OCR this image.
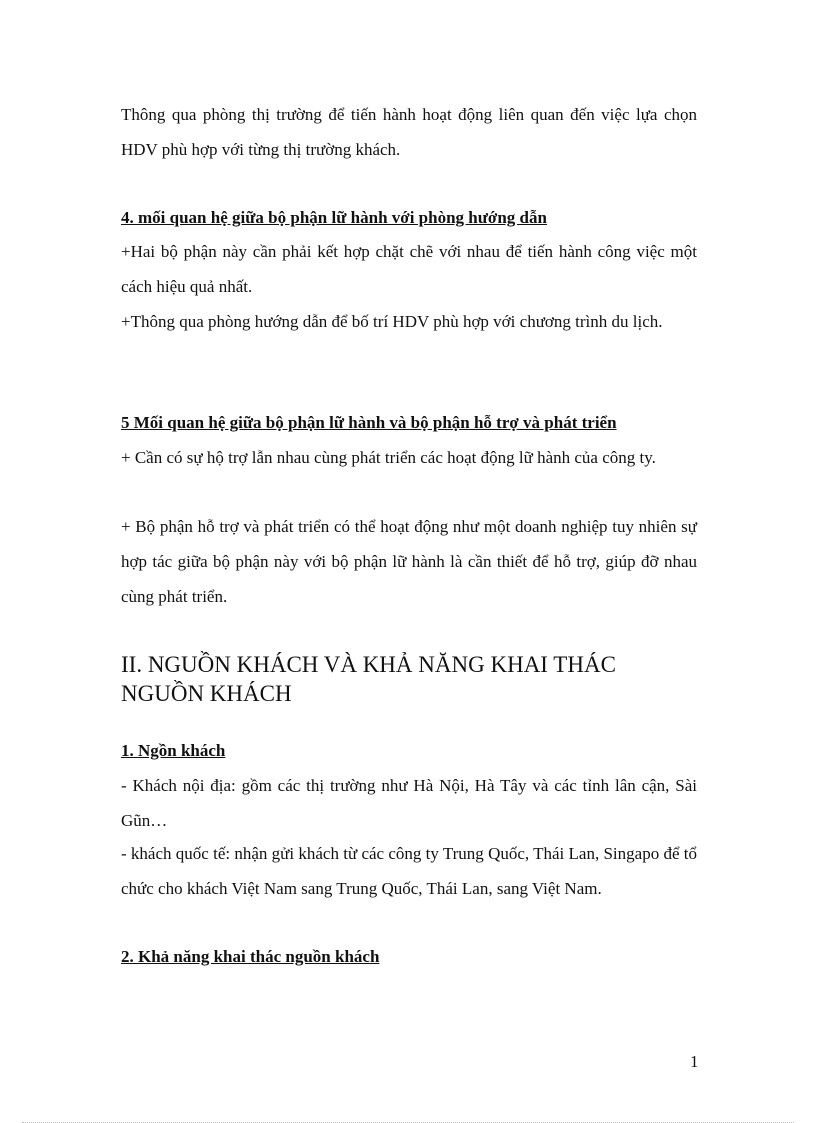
Thông qua phòng thị trường để tiến hành hoạt động liên quan đến việc lựa chọn HDV phù hợp với từng thị trường khách.

4. mối quan hệ giữa bộ phận lữ hành với phòng hướng dẫn

+Hai bộ phận này cần phải kết hợp chặt chẽ với nhau để tiến hành công việc một cách hiệu quả nhất.

+Thông qua phòng hướng dẫn để bố trí HDV phù hợp với chương trình du lịch.

5 Mối quan hệ giữa bộ phận lữ hành và bộ phận hỗ trợ và phát triển

+ Cần có sự hộ trợ lẫn nhau cùng phát triển các hoạt động lữ hành của công ty.

+ Bộ phận hỗ trợ và phát triển có thể hoạt động như một doanh nghiệp tuy nhiên sự hợp tác giữa bộ phận này với bộ phận lữ hành là cần thiết để hỗ trợ, giúp đỡ nhau cùng phát triển.

II. NGUỒN KHÁCH VÀ KHẢ NĂNG KHAI THÁC
NGUỒN KHÁCH
1. Ngồn khách

- Khách nội địa: gồm các thị trường như Hà Nội, Hà Tây và các tỉnh lân cận, Sài Gũn…

- khách quốc tế: nhận gửi khách từ các công ty Trung Quốc, Thái Lan, Singapo để tổ chức cho khách Việt Nam sang Trung Quốc, Thái Lan, sang Việt Nam.

2. Khả năng khai thác nguồn khách
1
